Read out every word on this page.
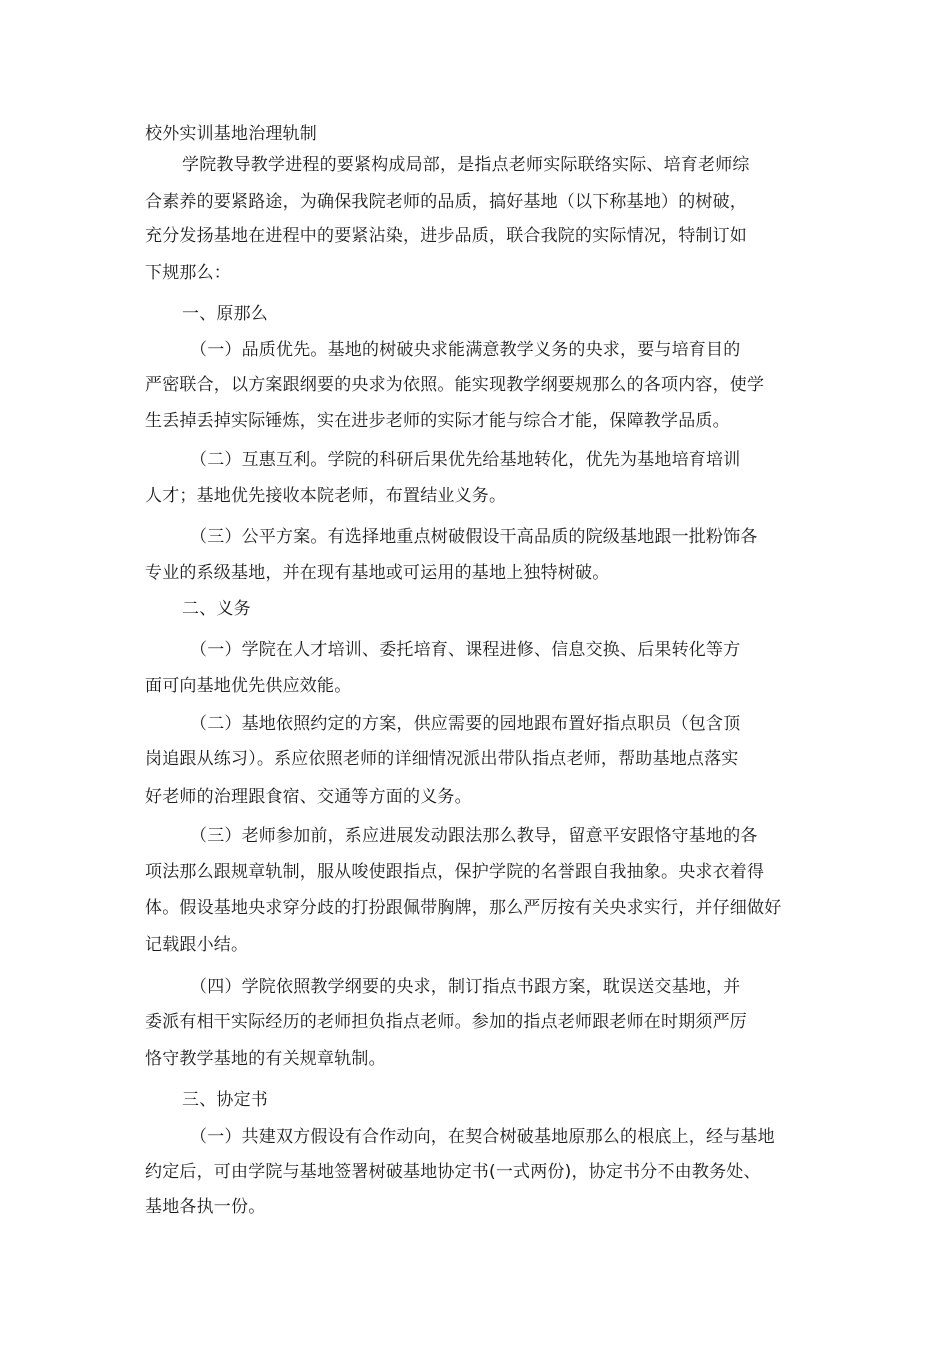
校外实训基地治理轨制
学院教导教学进程的要紧构成局部，是指点老师实际联络实际、培育老师综
合素养的要紧路途，为确保我院老师的品质，搞好基地（以下称基地）的树破，
充分发扬基地在进程中的要紧沾染，进步品质，联合我院的实际情况，特制订如
下规那么：
一、原那么
（一）品质优先。基地的树破央求能满意教学义务的央求，要与培育目的
严密联合，以方案跟纲要的央求为依照。能实现教学纲要规那么的各项内容，使学
生丢掉丢掉实际锤炼，实在进步老师的实际才能与综合才能，保障教学品质。
（二）互惠互利。学院的科研后果优先给基地转化，优先为基地培育培训
人才；基地优先接收本院老师，布置结业义务。
（三）公平方案。有选择地重点树破假设干高品质的院级基地跟一批粉饰各
专业的系级基地，并在现有基地或可运用的基地上独特树破。
二、义务
（一）学院在人才培训、委托培育、课程进修、信息交换、后果转化等方
面可向基地优先供应效能。
（二）基地依照约定的方案，供应需要的园地跟布置好指点职员（包含顶
岗追跟从练习）。系应依照老师的详细情况派出带队指点老师，帮助基地点落实
好老师的治理跟食宿、交通等方面的义务。
（三）老师参加前，系应进展发动跟法那么教导，留意平安跟恪守基地的各
项法那么跟规章轨制，服从唆使跟指点，保护学院的名誉跟自我抽象。央求衣着得
体。假设基地央求穿分歧的打扮跟佩带胸牌，那么严厉按有关央求实行，并仔细做好
记载跟小结。
（四）学院依照教学纲要的央求，制订指点书跟方案，耽误送交基地，并
委派有相干实际经历的老师担负指点老师。参加的指点老师跟老师在时期须严厉
恪守教学基地的有关规章轨制。
三、协定书
（一）共建双方假设有合作动向，在契合树破基地原那么的根底上，经与基地
约定后，可由学院与基地签署树破基地协定书(一式两份)，协定书分不由教务处、
基地各执一份。
